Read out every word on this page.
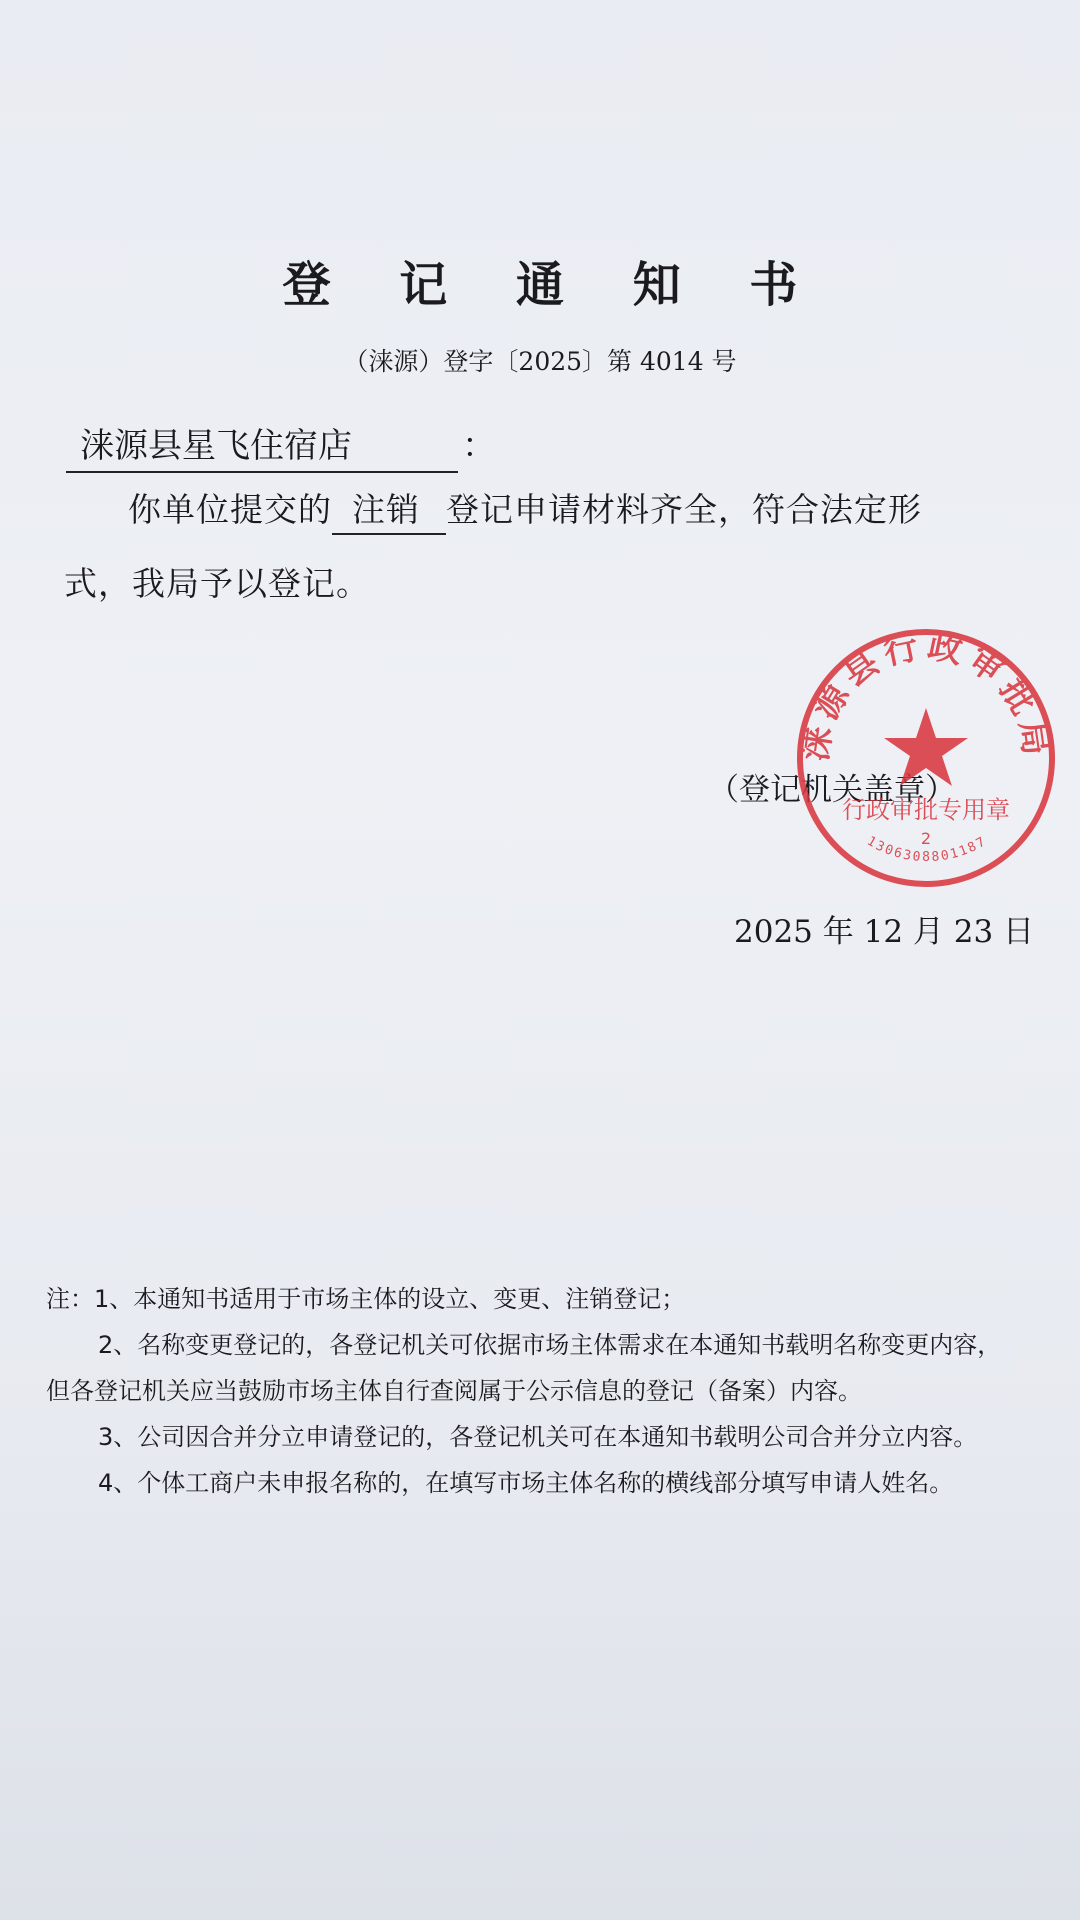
登 记 通 知 书
（涞源）登字〔2025〕第 4014 号
涞源县星飞住宿店	：
你单位提交的 注销 登记申请材料齐全，符合法定形
式，我局予以登记。
（登记机关盖章）
涞源县行政审批局
行政审批专用章
2
1306308801187
2025 年 12 月 23 日
注：1、本通知书适用于市场主体的设立、变更、注销登记；
2、名称变更登记的，各登记机关可依据市场主体需求在本通知书载明名称变更内容，
但各登记机关应当鼓励市场主体自行查阅属于公示信息的登记（备案）内容。
3、公司因合并分立申请登记的，各登记机关可在本通知书载明公司合并分立内容。
4、个体工商户未申报名称的，在填写市场主体名称的横线部分填写申请人姓名。
